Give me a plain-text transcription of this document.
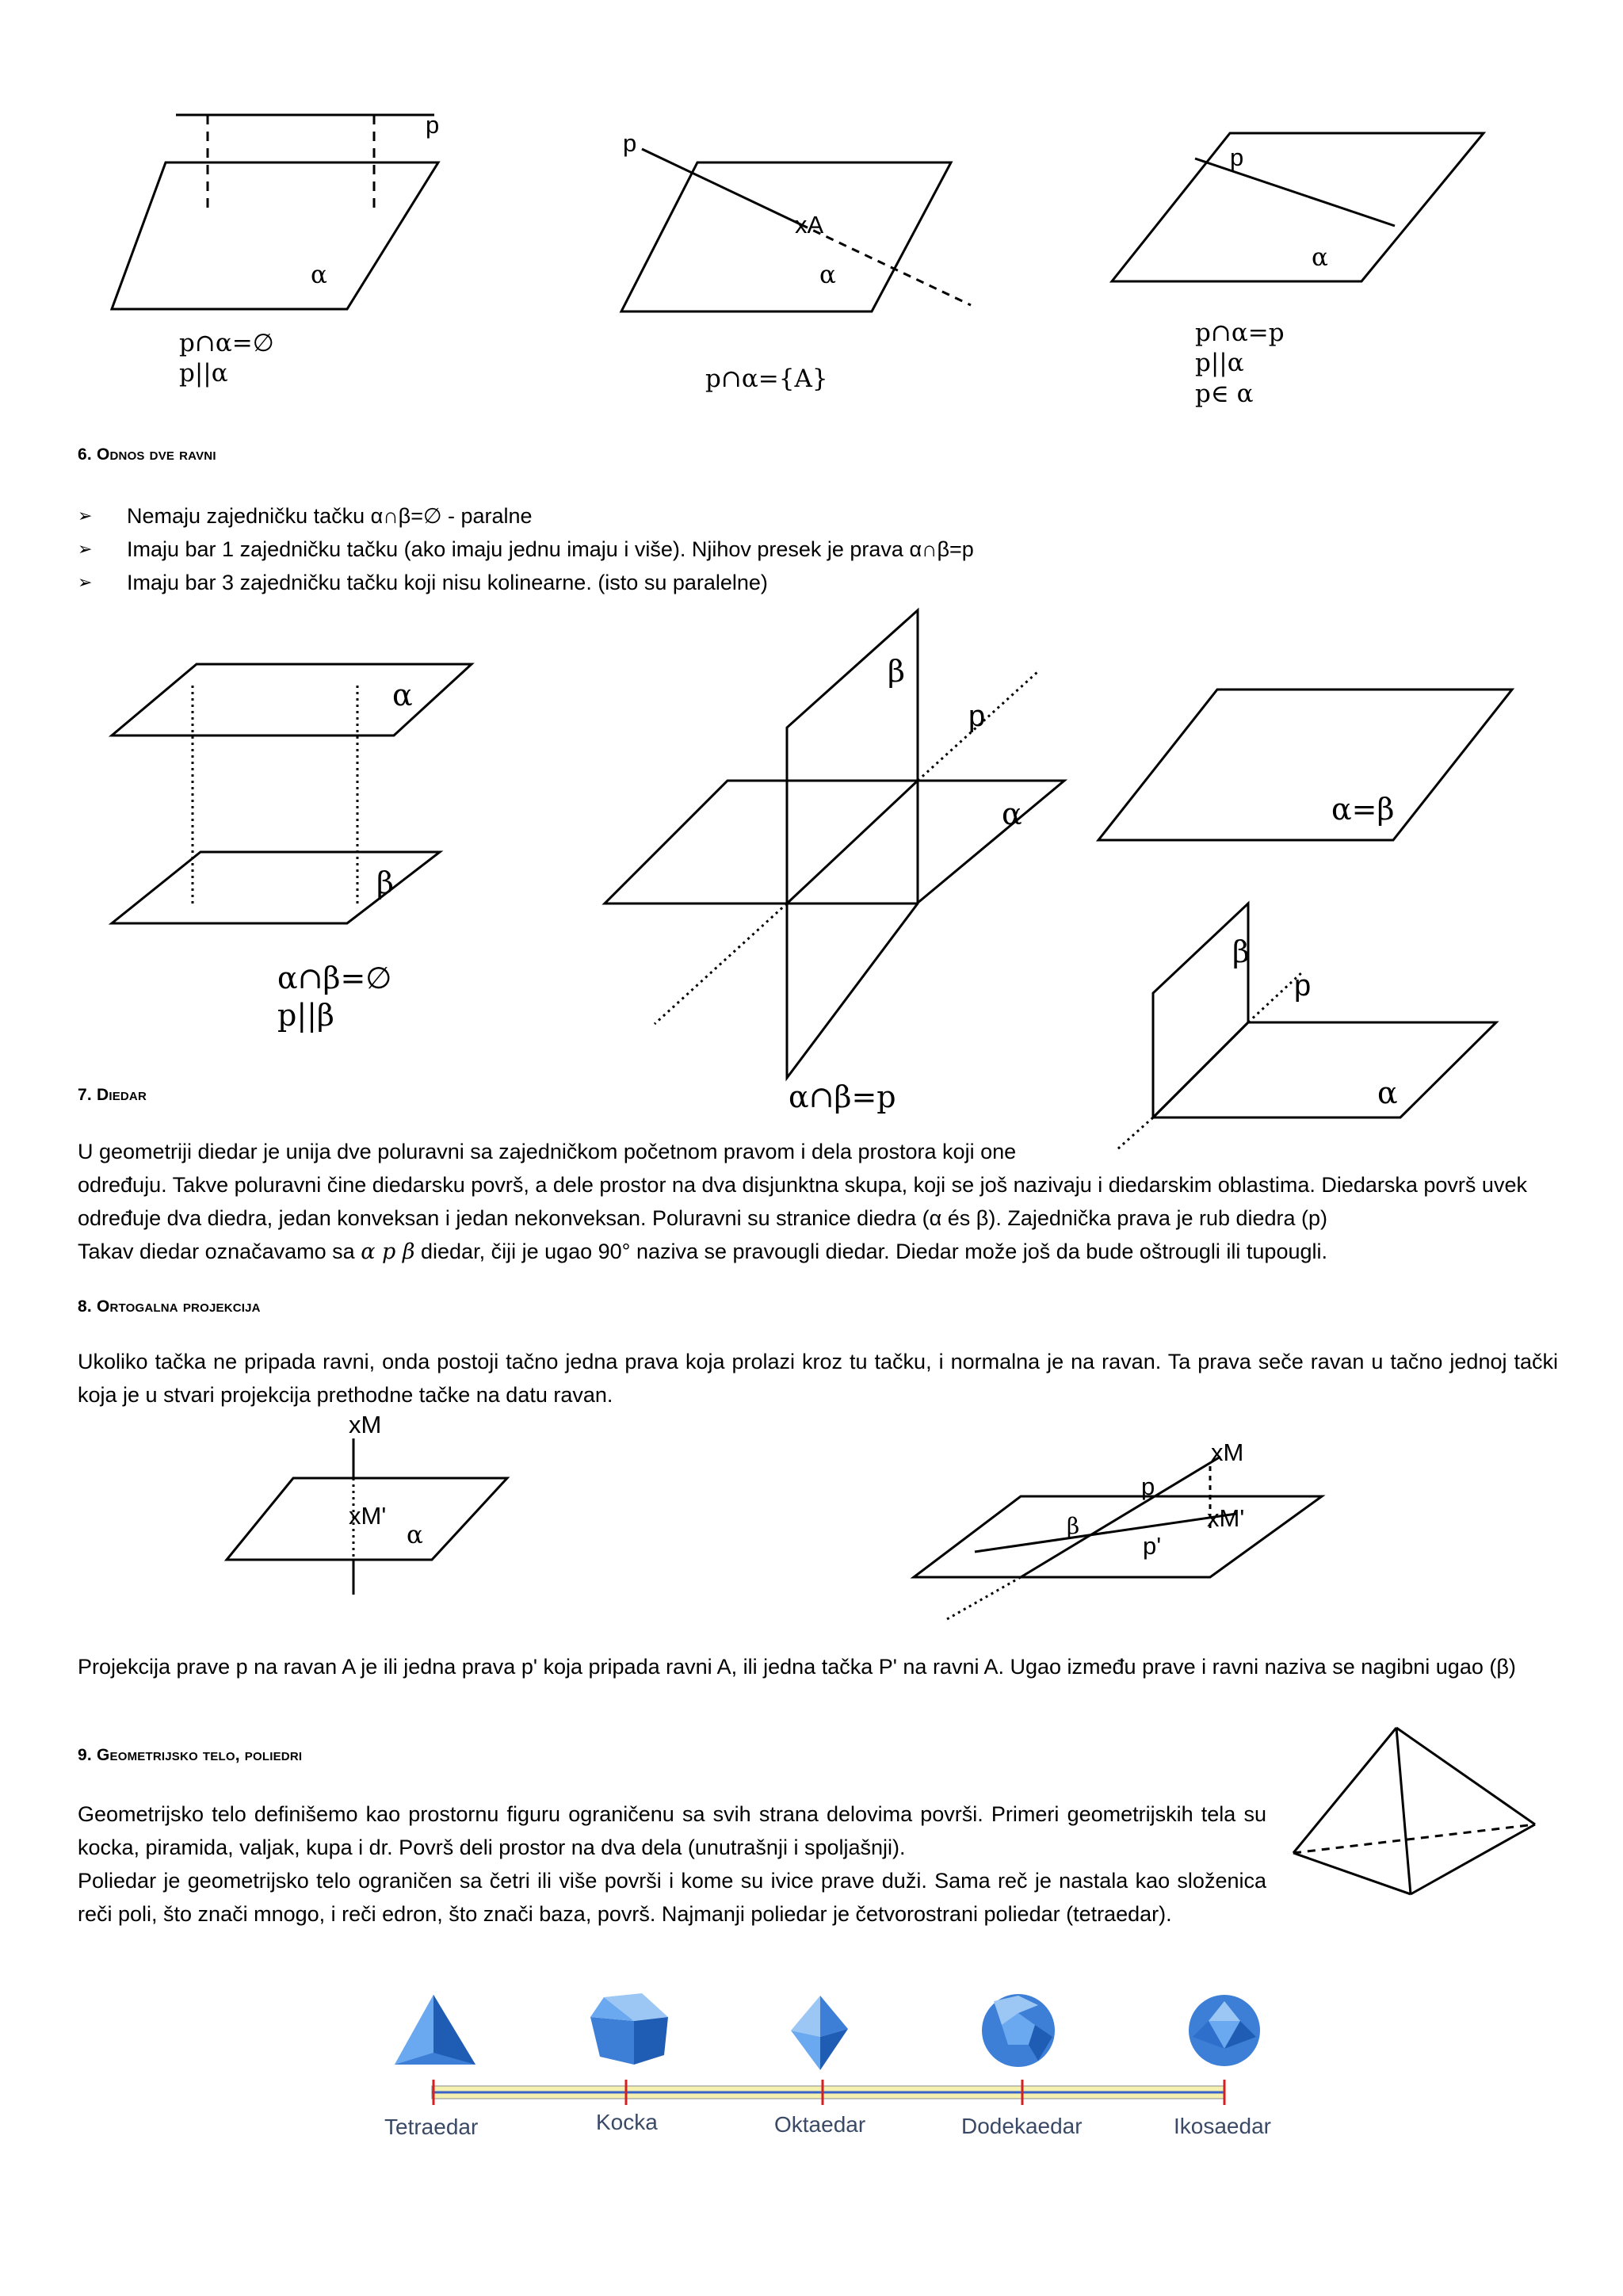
p
α
p∩α=∅
p||α
p
xA
α
p∩α={A}
p
α
p∩α=p
p||α
p∈ α
6. Odnos dve ravni
➢	Nemaju zajedničku tačku α∩β=∅ - paralne
➢	Imaju bar 1 zajedničku tačku (ako imaju jednu imaju i više). Njihov presek je prava α∩β=p
➢	Imaju bar 3 zajedničku tačku koji nisu kolinearne. (isto su paralelne)
α
β
α∩β=∅
p||β
β
p
α
α∩β=p
α=β
β
p
α
7. Diedar
U geometriji diedar je unija dve poluravni sa zajedničkom početnom pravom i dela prostora koji one
određuju. Takve poluravni čine diedarsku površ, a dele prostor na dva disjunktna skupa, koji se još nazivaju i diedarskim oblastima. Diedarska površ uvek određuje dva diedra, jedan konveksan i jedan nekonveksan. Poluravni su stranice diedra (α és β). Zajednička prava je rub diedra (p)
Takav diedar označavamo sa α p β diedar, čiji je ugao 90° naziva se pravougli diedar. Diedar može još da bude oštrougli ili tupougli.
8. Ortogalna projekcija
Ukoliko tačka ne pripada ravni, onda postoji tačno jedna prava koja prolazi kroz tu tačku, i normalna je na ravan. Ta prava seče ravan u tačno jednoj tački koja je u stvari projekcija prethodne tačke na datu ravan.
xM
xM'
α
xM
p
xM'
β
p'
Projekcija prave p na ravan A je ili jedna prava p' koja pripada ravni A, ili jedna tačka P' na ravni A. Ugao između prave i ravni naziva se nagibni ugao (β)
9. Geometrijsko telo, poliedri
Geometrijsko telo definišemo kao prostornu figuru ograničenu sa svih strana delovima površi. Primeri geometrijskih tela su kocka, piramida, valjak, kupa i dr. Površ deli prostor na dva dela (unutrašnji i spoljašnji).
Poliedar je geometrijsko telo ograničen sa četri ili više površi i kome su ivice prave duži. Sama reč je nastala kao složenica reči poli, što znači mnogo, i reči edron, što znači baza, površ. Najmanji poliedar je četvorostrani poliedar (tetraedar).
Tetraedar	Kocka	Oktaedar	Dodekaedar	Ikosaedar
